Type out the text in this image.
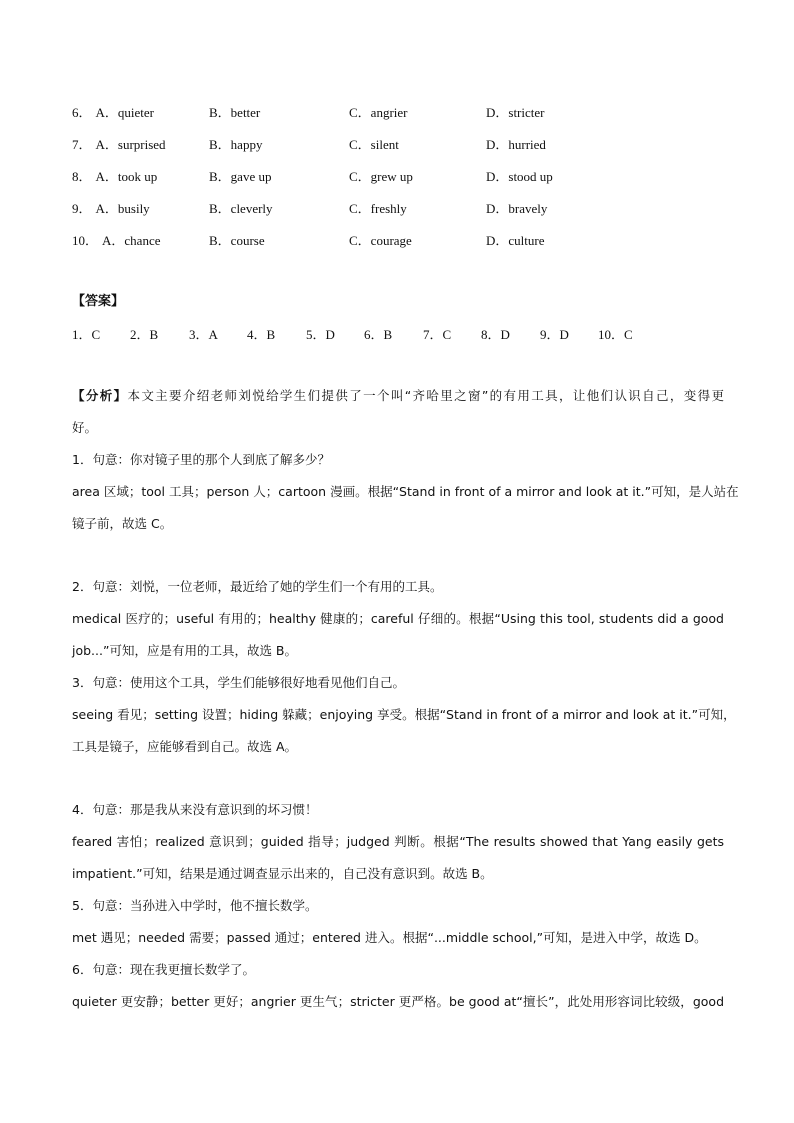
6． A．quieter	B．better	C．angrier	D．stricter
7． A．surprised	B．happy	C．silent	D．hurried
8． A．took up	B．gave up	C．grew up	D．stood up
9． A．busily	B．cleverly	C．freshly	D．bravely
10． A．chance	B．course	C．courage	D．culture
【答案】
1．C 2．B 3．A 4．B 5．D 6．B 7．C 8．D 9．D 10．C
【分析】本文主要介绍老师刘悦给学生们提供了一个叫“齐哈里之窗”的有用工具，让他们认识自己，变得更
好。
1．句意：你对镜子里的那个人到底了解多少？
area 区域；tool 工具；person 人；cartoon 漫画。根据“Stand in front of a mirror and look at it.”可知，是人站在
镜子前，故选 C。
2．句意：刘悦，一位老师，最近给了她的学生们一个有用的工具。
medical 医疗的；useful 有用的；healthy 健康的；careful 仔细的。根据“Using this tool, students did a good
job...”可知，应是有用的工具，故选 B。
3．句意：使用这个工具，学生们能够很好地看见他们自己。
seeing 看见；setting 设置；hiding 躲藏；enjoying 享受。根据“Stand in front of a mirror and look at it.”可知，
工具是镜子，应能够看到自己。故选 A。
4．句意：那是我从来没有意识到的坏习惯！
feared 害怕；realized 意识到；guided 指导；judged 判断。根据“The results showed that Yang easily gets
impatient.”可知，结果是通过调查显示出来的，自己没有意识到。故选 B。
5．句意：当孙进入中学时，他不擅长数学。
met 遇见；needed 需要；passed 通过；entered 进入。根据“...middle school,”可知，是进入中学，故选 D。
6．句意：现在我更擅长数学了。
quieter 更安静；better 更好；angrier 更生气；stricter 更严格。be good at“擅长”，此处用形容词比较级，good
